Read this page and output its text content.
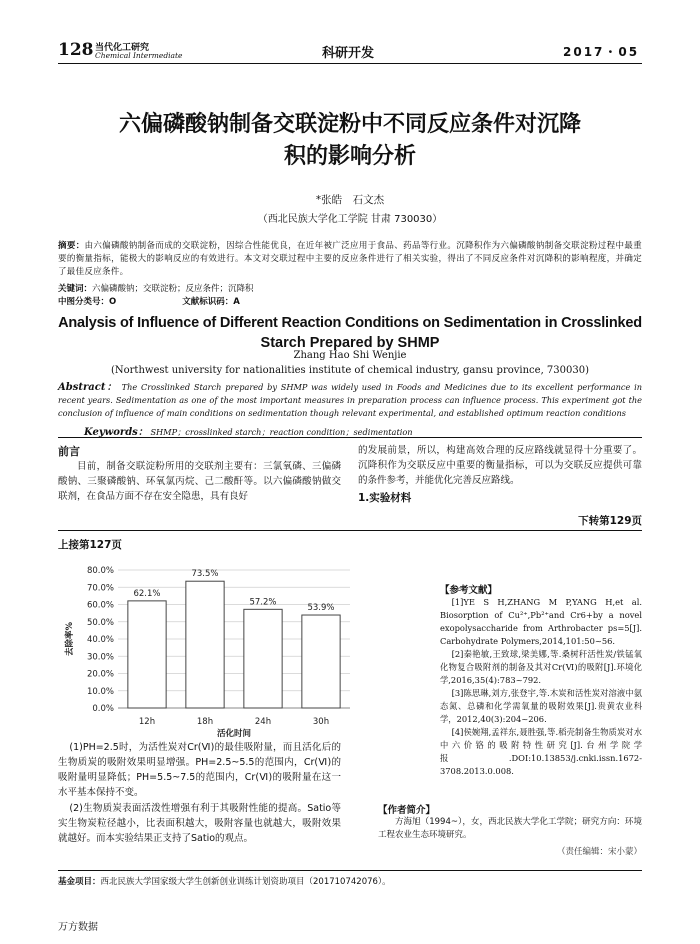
128 当代化工研究
Chemical Intermediate	科研开发	2017・05
六偏磷酸钠制备交联淀粉中不同反应条件对沉降
积的影响分析
*张皓　石文杰
（西北民族大学化工学院 甘肃 730030）
摘要：由六偏磷酸钠制备而成的交联淀粉，因综合性能优良，在近年被广泛应用于食品、药品等行业。沉降积作为六偏磷酸钠制备交联淀粉过程中最重要的衡量指标，能极大的影响反应的有效进行。本文对交联过程中主要的反应条件进行了相关实验，得出了不同反应条件对沉降积的影响程度，并确定了最佳反应条件。
关键词：六偏磷酸钠；交联淀粉；反应条件；沉降积
中图分类号：O	文献标识码：A
Analysis of Influence of Different Reaction Conditions on Sedimentation in Crosslinked
Starch Prepared by SHMP
Zhang Hao Shi Wenjie
(Northwest university for nationalities institute of chemical industry, gansu province, 730030)
Abstract： The Crosslinked Starch prepared by SHMP was widely used in Foods and Medicines due to its excellent performance in recent years. Sedimentation as one of the most important measures in preparation process can influence process. This experiment got the conclusion of influence of main conditions on sedimentation though relevant experimental, and established optimum reaction conditions
Keywords： SHMP；crosslinked starch；reaction condition；sedimentation
前言
目前，制备交联淀粉所用的交联剂主要有：三氯氧磷、三偏磷酸钠、三聚磷酸钠、环氧氯丙烷、己二酸酐等。以六偏磷酸钠做交联剂，在食品方面不存在安全隐患，具有良好
的发展前景，所以，构建高效合理的反应路线就显得十分重要了。沉降积作为交联反应中重要的衡量指标，可以为交联反应提供可靠的条件参考，并能优化完善反应路线。
1.实验材料
下转第129页
上接第127页
0.0%
10.0%
20.0%
30.0%
40.0%
50.0%
60.0%
70.0%
80.0%
62.1%
12h
73.5%
18h
57.2%
24h
53.9%
30h
活化时间
去除率%
(1)PH=2.5时，为活性炭对Cr(Ⅵ)的最佳吸附量，而且活化后的生物质炭的吸附效果明显增强。PH=2.5~5.5的范围内，Cr(Ⅵ)的吸附量明显降低；PH=5.5~7.5的范围内，Cr(Ⅵ)的吸附量在这一水平基本保持不变。
(2)生物质炭表面活泼性增强有利于其吸附性能的提高。Satio等实生物炭粒径越小，比表面积越大，吸附容量也就越大，吸附效果就越好。而本实验结果正支持了Satio的观点。
【参考文献】

[1]YE S H,ZHANG M P,YANG H,et al. Biosorption of Cu²⁺,Pb²⁺and Cr6+by a novel exopolysaccharide from Arthrobacter ps=5[J]. Carbohydrate Polymers,2014,101:50~56.

[2]秦艳敏,王致球,梁美娜,等.桑树秆活性炭/铁锰氧化物复合吸附剂的制备及其对Cr(Ⅵ)的吸附[J].环境化学,2016,35(4):783~792.

[3]陈思琳,刘方,张登宇,等.木炭和活性炭对溶液中氨态氮、总磷和化学需氧量的吸附效果[J].贵黄农业科学，2012,40(3):204~206.

[4]侯婉翔,孟祥东,聂胜强,等.稻壳制备生物质炭对水中六价铬的吸附特性研究[J].台州学院学报.DOI:10.13853/j.cnki.issn.1672-3708.2013.0.008.

【作者简介】
方海旭（1994~），女，西北民族大学化工学院；研究方向：环境工程农业生态环境研究。
（责任编辑：宋小蒙）
基金项目：西北民族大学国家级大学生创新创业训练计划资助项目（201710742076）。
万方数据
